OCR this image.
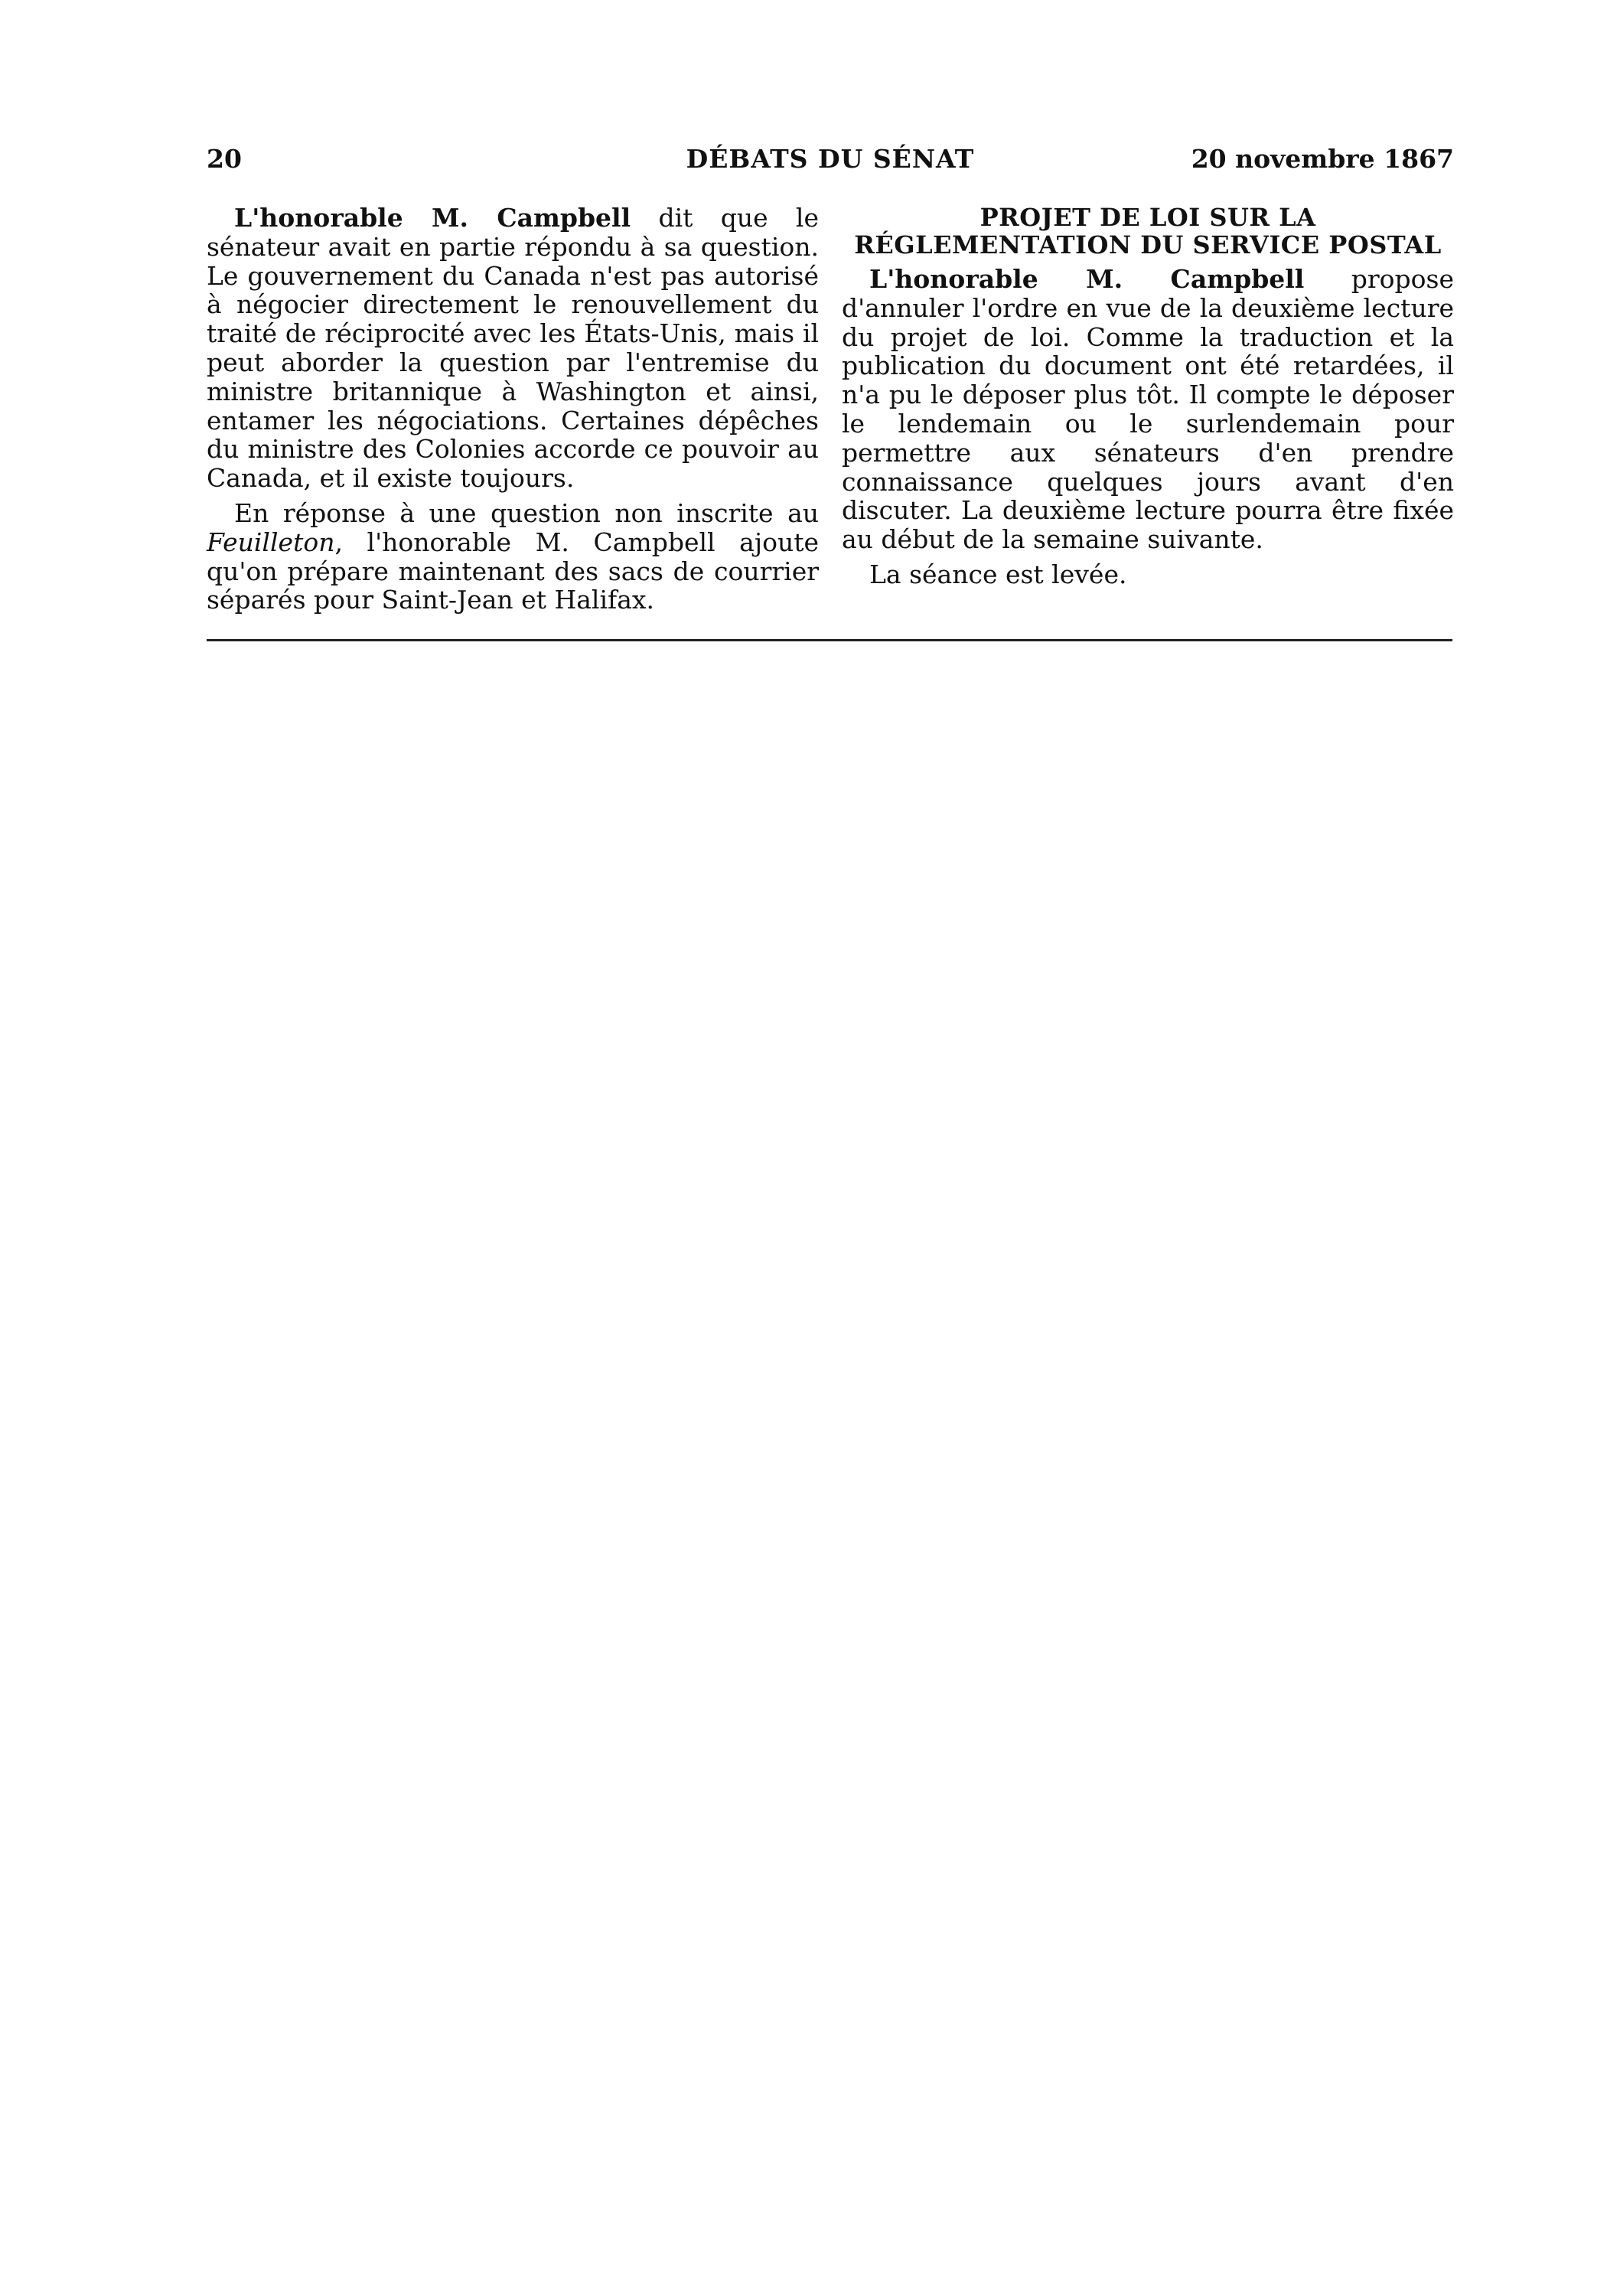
20	DÉBATS DU SÉNAT	20 novembre 1867

L'honorable M. Campbell dit que le sénateur avait en partie répondu à sa question. Le gouvernement du Canada n'est pas autorisé à négocier directement le renouvellement du traité de réciprocité avec les États-Unis, mais il peut aborder la question par l'entremise du ministre britannique à Washington et ainsi, entamer les négociations. Certaines dépêches du ministre des Colonies accorde ce pouvoir au Canada, et il existe toujours.

En réponse à une question non inscrite au Feuilleton, l'honorable M. Campbell ajoute qu'on prépare maintenant des sacs de courrier séparés pour Saint-Jean et Halifax.

PROJET DE LOI SUR LA RÉGLEMENTATION DU SERVICE POSTAL

L'honorable M. Campbell propose d'annuler l'ordre en vue de la deuxième lecture du projet de loi. Comme la traduction et la publication du document ont été retardées, il n'a pu le déposer plus tôt. Il compte le déposer le lendemain ou le surlendemain pour permettre aux sénateurs d'en prendre connaissance quelques jours avant d'en discuter. La deuxième lecture pourra être fixée au début de la semaine suivante.

La séance est levée.
